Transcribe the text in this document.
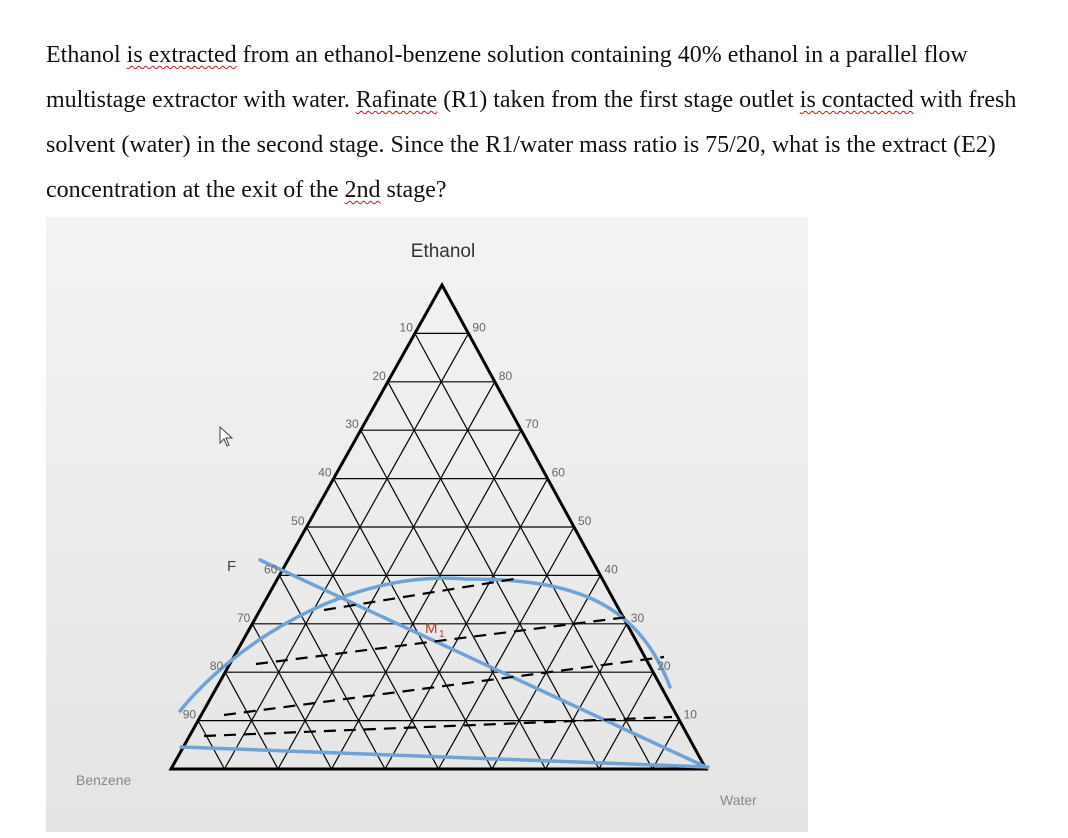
Ethanol is extracted from an ethanol-benzene solution containing 40% ethanol in a parallel flow multistage extractor with water. Rafinate (R1) taken from the first stage outlet is contacted with fresh solvent (water) in the second stage. Since the R1/water mass ratio is 75/20, what is the extract (E2) concentration at the exit of the 2nd stage?

10
20
30
40
50
60
70
80
90
90
80
70
60
50
40
30
20
10
Ethanol
Benzene
Water
F
M 1
